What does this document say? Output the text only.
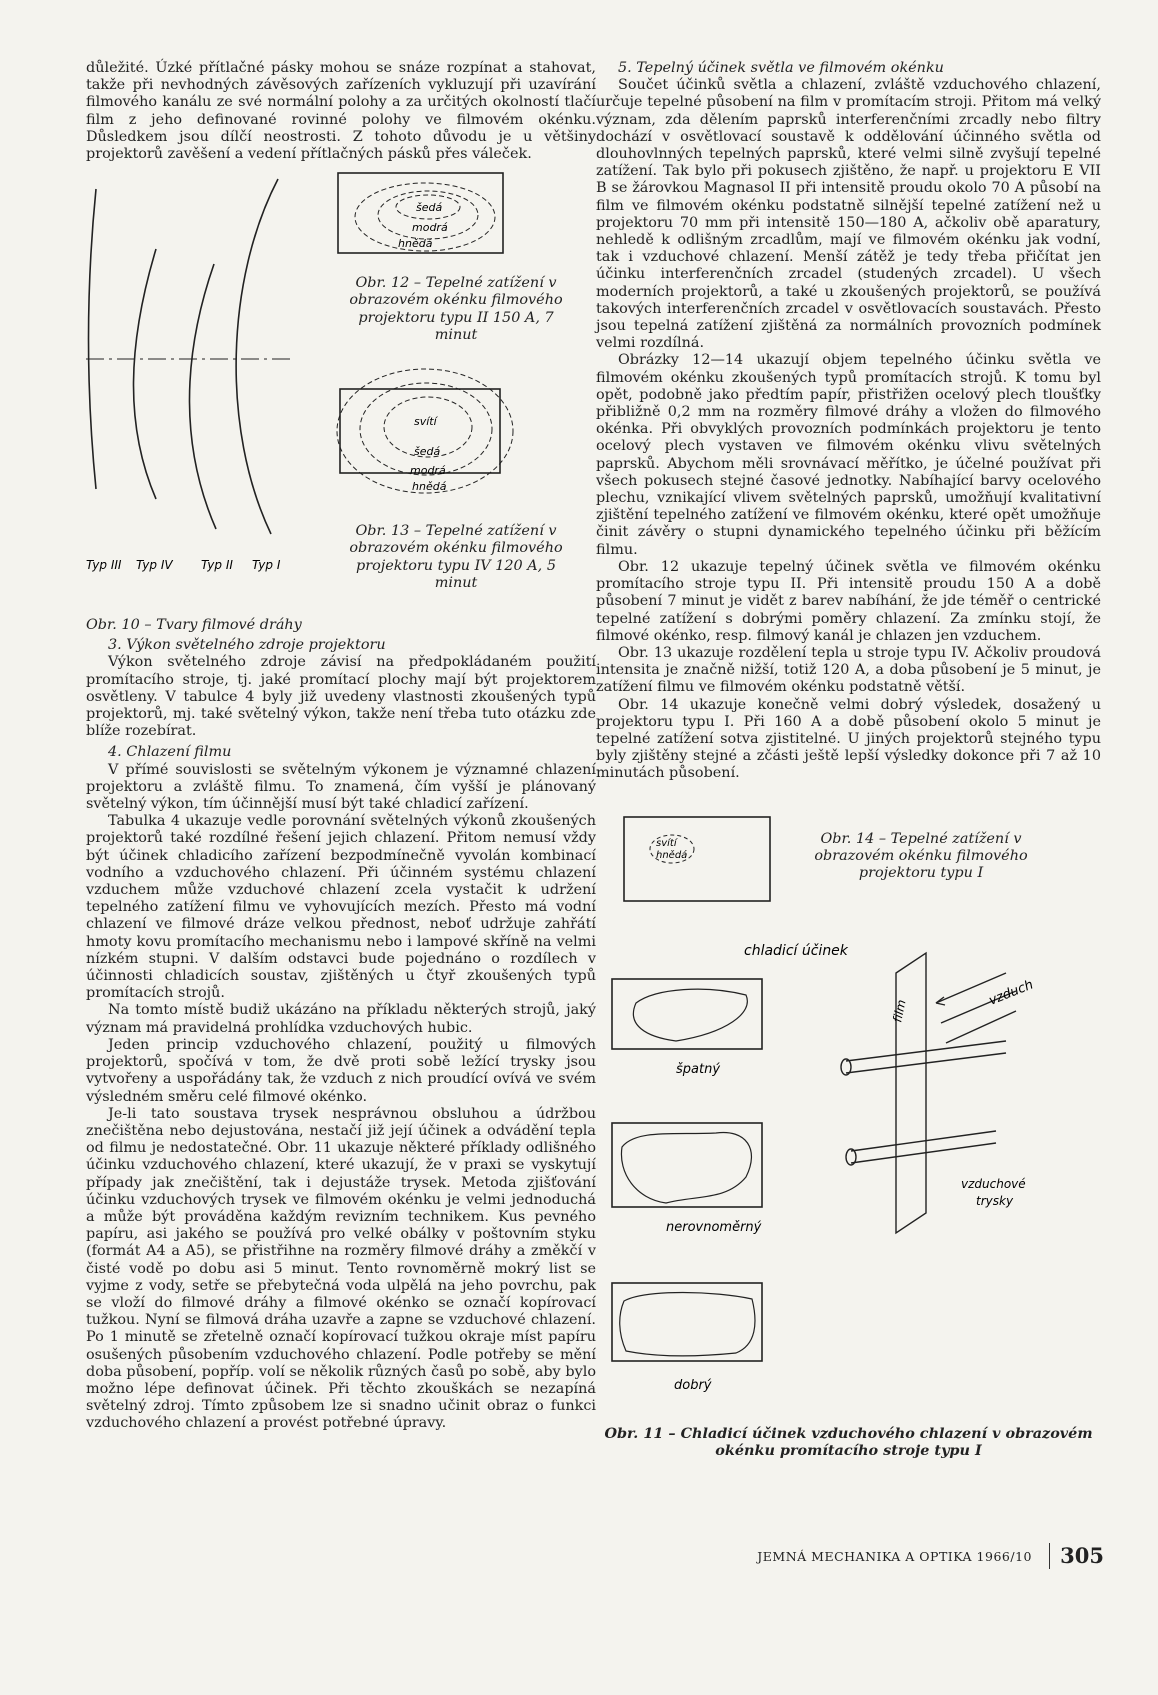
důležité. Úzké přítlačné pásky mohou se snáze rozpínat a stahovat, takže při nevhodných závěsových zařízeních vykluzují při uzavírání filmového kanálu ze své normální polohy a za určitých okolností tlačí film z jeho definované rovinné polohy ve filmovém okénku. Důsledkem jsou dílčí neostrosti. Z tohoto důvodu je u většiny projektorů zavěšení a vedení přítlačných pásků přes váleček.

Typ III Typ IV Typ II Typ I
Obr. 10 – Tvary filmové dráhy
šedá
modrá
hnědá
Obr. 12 – Tepelné zatížení v obrazovém okénku filmového projektoru typu II 150 A, 7 minut
svítí
šedá
modrá
hnědá
Obr. 13 – Tepelné zatížení v obrazovém okénku filmového projektoru typu IV 120 A, 5 minut
3. Výkon světelného zdroje projektoru

Výkon světelného zdroje závisí na předpokládaném použití promítacího stroje, tj. jaké promítací plochy mají být projektorem osvětleny. V tabulce 4 byly již uvedeny vlastnosti zkoušených typů projektorů, mj. také světelný výkon, takže není třeba tuto otázku zde blíže rozebírat.

4. Chlazení filmu

V přímé souvislosti se světelným výkonem je významné chlazení projektoru a zvláště filmu. To znamená, čím vyšší je plánovaný světelný výkon, tím účinnější musí být také chladicí zařízení.

Tabulka 4 ukazuje vedle porovnání světelných výkonů zkoušených projektorů také rozdílné řešení jejich chlazení. Přitom nemusí vždy být účinek chladicího zařízení bezpodmínečně vyvolán kombinací vodního a vzduchového chlazení. Při účinném systému chlazení vzduchem může vzduchové chlazení zcela vystačit k udržení tepelného zatížení filmu ve vyhovujících mezích. Přesto má vodní chlazení ve filmové dráze velkou přednost, neboť udržuje zahřátí hmoty kovu promítacího mechanismu nebo i lampové skříně na velmi nízkém stupni. V dalším odstavci bude pojednáno o rozdílech v účinnosti chladicích soustav, zjištěných u čtyř zkoušených typů promítacích strojů.

Na tomto místě budiž ukázáno na příkladu některých strojů, jaký význam má pravidelná prohlídka vzduchových hubic.

Jeden princip vzduchového chlazení, použitý u filmových projektorů, spočívá v tom, že dvě proti sobě ležící trysky jsou vytvořeny a uspořádány tak, že vzduch z nich proudící ovívá ve svém výsledném směru celé filmové okénko.

Je-li tato soustava trysek nesprávnou obsluhou a údržbou znečištěna nebo dejustována, nestačí již její účinek a odvádění tepla od filmu je nedostatečné. Obr. 11 ukazuje některé příklady odlišného účinku vzduchového chlazení, které ukazují, že v praxi se vyskytují případy jak znečištění, tak i dejustáže trysek. Metoda zjišťování účinku vzduchových trysek ve filmovém okénku je velmi jednoduchá a může být prováděna každým revizním technikem. Kus pevného papíru, asi jakého se používá pro velké obálky v poštovním styku (formát A4 a A5), se přistřihne na rozměry filmové dráhy a změkčí v čisté vodě po dobu asi 5 minut. Tento rovnoměrně mokrý list se vyjme z vody, setře se přebytečná voda ulpělá na jeho povrchu, pak se vloží do filmové dráhy a filmové okénko se označí kopírovací tužkou. Nyní se filmová dráha uzavře a zapne se vzduchové chlazení. Po 1 minutě se zřetelně označí kopírovací tužkou okraje míst papíru osušených působením vzduchového chlazení. Podle potřeby se mění doba působení, popříp. volí se několik různých časů po sobě, aby bylo možno lépe definovat účinek. Při těchto zkouškách se nezapíná světelný zdroj. Tímto způsobem lze si snadno učinit obraz o funkci vzduchového chlazení a provést potřebné úpravy.

5. Tepelný účinek světla ve filmovém okénku

Součet účinků světla a chlazení, zvláště vzduchového chlazení, určuje tepelné působení na film v promítacím stroji. Přitom má velký význam, zda dělením paprsků interferenčními zrcadly nebo filtry dochází v osvětlovací soustavě k oddělování účinného světla od dlouhovlnných tepelných paprsků, které velmi silně zvyšují tepelné zatížení. Tak bylo při pokusech zjištěno, že např. u projektoru E VII B se žárovkou Magnasol II při intensitě proudu okolo 70 A působí na film ve filmovém okénku podstatně silnější tepelné zatížení než u projektoru 70 mm při intensitě 150—180 A, ačkoliv obě aparatury, nehledě k odlišným zrcadlům, mají ve filmovém okénku jak vodní, tak i vzduchové chlazení. Menší zátěž je tedy třeba přičítat jen účinku interferenčních zrcadel (studených zrcadel). U všech moderních projektorů, a také u zkoušených projektorů, se používá takových interferenčních zrcadel v osvětlovacích soustavách. Přesto jsou tepelná zatížení zjištěná za normálních provozních podmínek velmi rozdílná.

Obrázky 12—14 ukazují objem tepelného účinku světla ve filmovém okénku zkoušených typů promítacích strojů. K tomu byl opět, podobně jako předtím papír, přistřižen ocelový plech tloušťky přibližně 0,2 mm na rozměry filmové dráhy a vložen do filmového okénka. Při obvyklých provozních podmínkách projektoru je tento ocelový plech vystaven ve filmovém okénku vlivu světelných paprsků. Abychom měli srovnávací měřítko, je účelné používat při všech pokusech stejné časové jednotky. Nabíhající barvy ocelového plechu, vznikající vlivem světelných paprsků, umožňují kvalitativní zjištění tepelného zatížení ve filmovém okénku, které opět umožňuje činit závěry o stupni dynamického tepelného účinku při běžícím filmu.

Obr. 12 ukazuje tepelný účinek světla ve filmovém okénku promítacího stroje typu II. Při intensitě proudu 150 A a době působení 7 minut je vidět z barev nabíhání, že jde téměř o centrické tepelné zatížení s dobrými poměry chlazení. Za zmínku stojí, že filmové okénko, resp. filmový kanál je chlazen jen vzduchem.

Obr. 13 ukazuje rozdělení tepla u stroje typu IV. Ačkoliv proudová intensita je značně nižší, totiž 120 A, a doba působení je 5 minut, je zatížení filmu ve filmovém okénku podstatně větší.

Obr. 14 ukazuje konečně velmi dobrý výsledek, dosažený u projektoru typu I. Při 160 A a době působení okolo 5 minut je tepelné zatížení sotva zjistitelné. U jiných projektorů stejného typu byly zjištěny stejné a zčásti ještě lepší výsledky dokonce při 7 až 10 minutách působení.

svítí
hnědá
Obr. 14 – Tepelné zatížení v obrazovém okénku filmového projektoru typu I
chladicí účinek
špatný
nerovnoměrný
dobrý
film
vzduch
vzduchové
trysky
Obr. 11 – Chladicí účinek vzduchového chlazení v obrazovém okénku promítacího stroje typu I
JEMNÁ MECHANIKA A OPTIKA 1966/10	305
